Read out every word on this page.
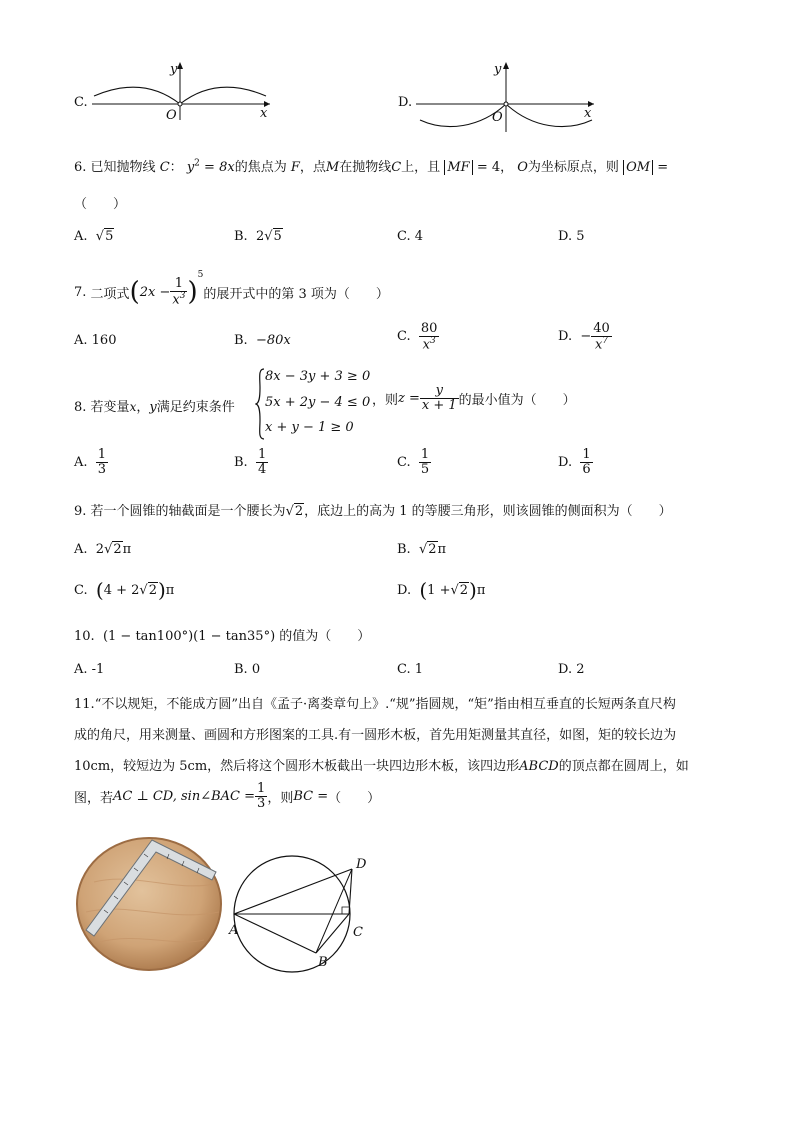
C.
y
x
O
D.
y
x
O
6. 已知抛物线 C： $y^2 = 8x$的焦点为 F，点M在抛物线C上，且 MF = 4， O为坐标原点，则 OM =
（　　）
A.  √5	B. 2√5	C. 4	D. 5
7.
二项式 ( $2x - \frac{1}{x^3}$ )
$^5$
的展开式中的第 3 项为（　　）
A. 160	B. −80x	C.
$\frac{80}{x^3}$	D.
− $\frac{40}{x^7}$
8. 若变量x，y满足约束条件
8x − 3y + 3 ≥ 0
5x + 2y − 4 ≤ 0
x + y − 1 ≥ 0
，则 $z = \frac{y}{x + 1}$ 的最小值为（　　）
A.
$\frac{1}{3}$	B.
$\frac{1}{4}$	C.
$\frac{1}{5}$	D.
$\frac{1}{6}$
9. 若一个圆锥的轴截面是一个腰长为√2，底边上的高为 1 的等腰三角形，则该圆锥的侧面积为（　　）
A. 2√2π	B.  √2π
C.
( 4 + 2 √ 2 ) π	D.
( 1 + √ 2 ) π
10. (1 − tan100°)(1 − tan35°) 的值为（　　）
A. -1	B. 0	C. 1	D. 2
11.“不以规矩，不能成方圆”出自《孟子·离娄章句上》.“规”指圆规，“矩”指由相互垂直的长短两条直尺构
成的角尺，用来测量、画圆和方形图案的工具.有一圆形木板，首先用矩测量其直径，如图，矩的较长边为
10cm，较短边为 5cm，然后将这个圆形木板截出一块四边形木板，该四边形ABCD的顶点都在圆周上，如
图，若 AC ⊥ CD, sin∠BAC = $\frac{1}{3}$ ，则 BC = （　　）
A
B
C
D
